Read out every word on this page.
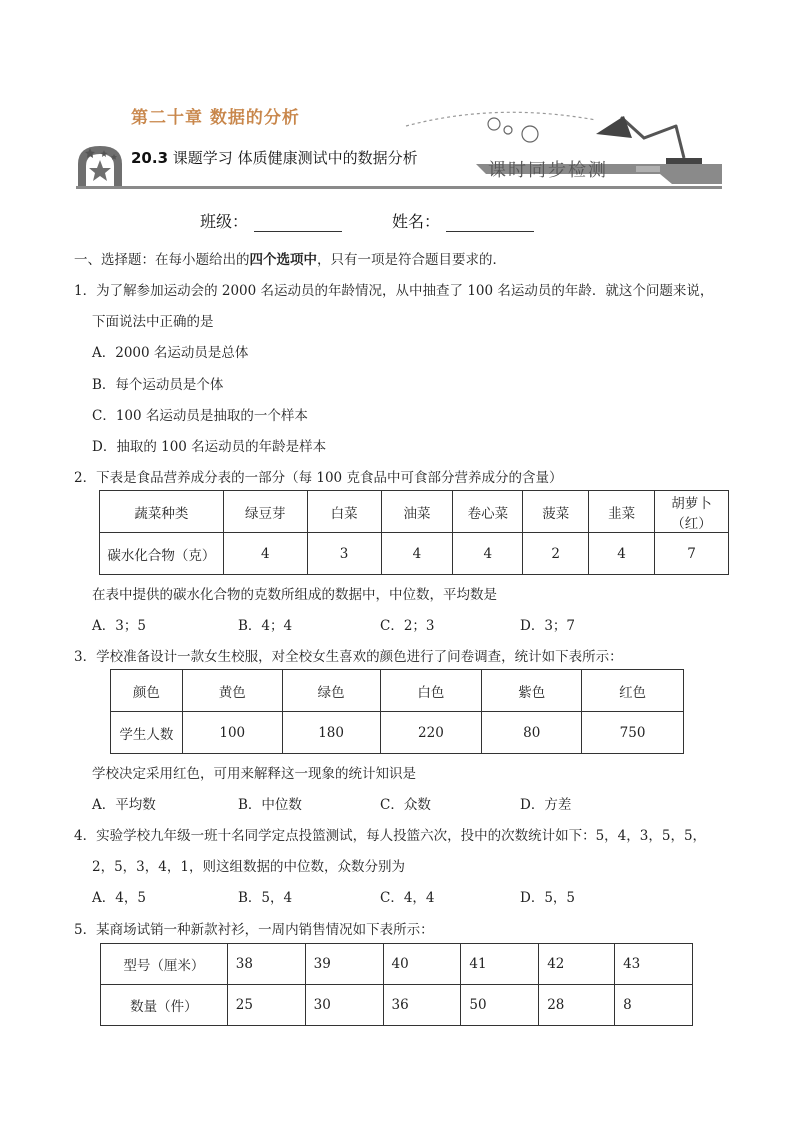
第二十章 数据的分析
20.3 课题学习 体质健康测试中的数据分析
课时同步检测
班级：	姓名：
一、选择题：在每小题给出的四个选项中，只有一项是符合题目要求的．
1．为了解参加运动会的 2000 名运动员的年龄情况，从中抽查了 100 名运动员的年龄．就这个问题来说，
下面说法中正确的是
A．2000 名运动员是总体
B．每个运动员是个体
C．100 名运动员是抽取的一个样本
D．抽取的 100 名运动员的年龄是样本
2．下表是食品营养成分表的一部分（每 100 克食品中可食部分营养成分的含量）
蔬菜种类	绿豆芽	白菜	油菜	卷心菜	菠菜	韭菜	胡萝卜（红）
碳水化合物（克）	4	3	4	4	2	4	7
在表中提供的碳水化合物的克数所组成的数据中，中位数，平均数是
A．3；5	B．4；4	C．2；3	D．3；7
3．学校准备设计一款女生校服，对全校女生喜欢的颜色进行了问卷调查，统计如下表所示：
颜色	黄色	绿色	白色	紫色	红色
学生人数	100	180	220	80	750
学校决定采用红色，可用来解释这一现象的统计知识是
A．平均数	B．中位数	C．众数	D．方差
4．实验学校九年级一班十名同学定点投篮测试，每人投篮六次，投中的次数统计如下：5，4，3，5，5，
2，5，3，4，1，则这组数据的中位数，众数分别为
A．4，5	B．5，4	C．4，4	D．5，5
5．某商场试销一种新款衬衫，一周内销售情况如下表所示：
型号（厘米）	38	39	40	41	42	43
数量（件）	25	30	36	50	28	8
